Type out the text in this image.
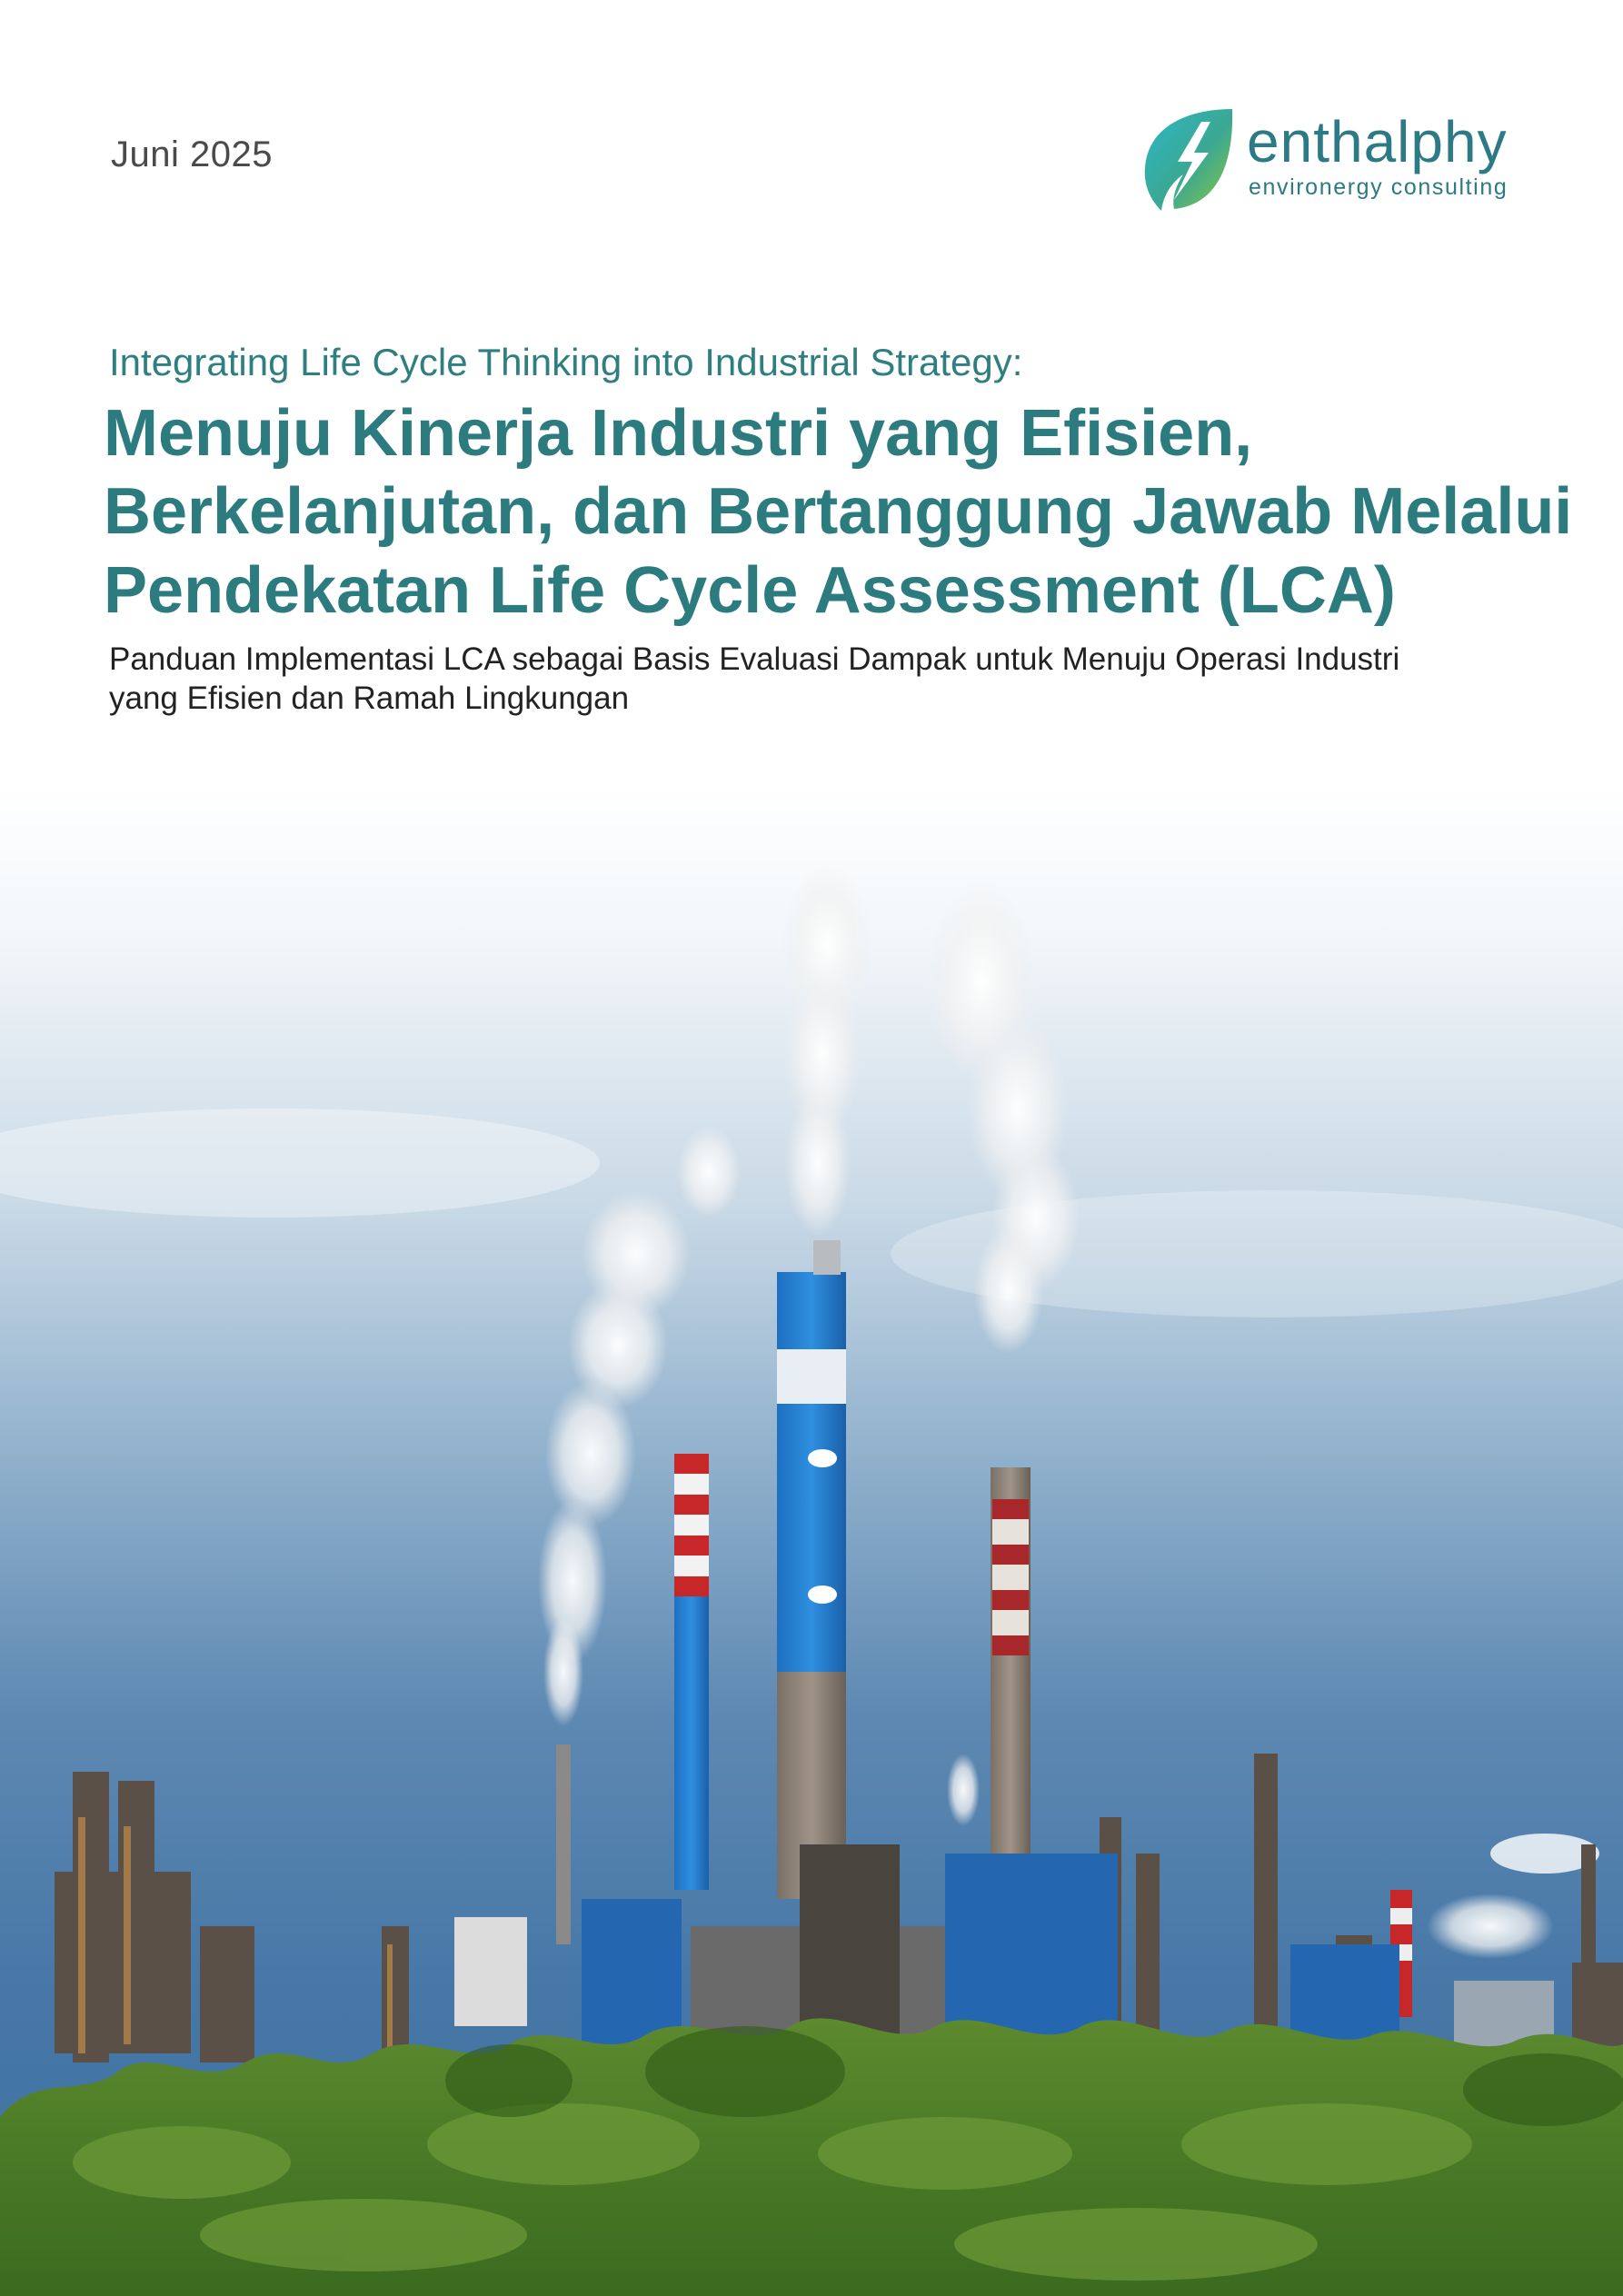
Juni 2025	enthalphy
environergy consulting
Integrating Life Cycle Thinking into Industrial Strategy:
Menuju Kinerja Industri yang Efisien,
Berkelanjutan, dan Bertanggung Jawab Melalui
Pendekatan Life Cycle Assessment (LCA)
Panduan Implementasi LCA sebagai Basis Evaluasi Dampak untuk Menuju Operasi Industri
yang Efisien dan Ramah Lingkungan
